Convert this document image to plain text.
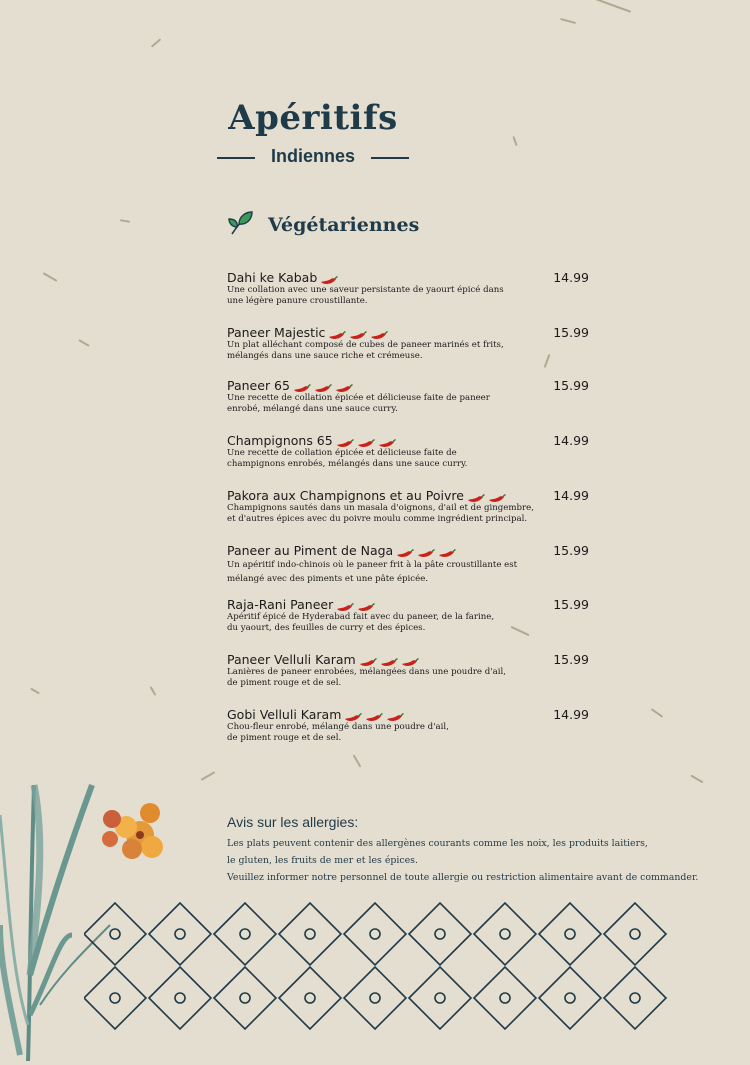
Apéritifs
Indiennes
Végétariennes
Dahi ke Kabab	14.99
Une collation avec une saveur persistante de yaourt épicé dans
une légère panure croustillante.
Paneer Majestic	15.99
Un plat alléchant composé de cubes de paneer marinés et frits,
mélangés dans une sauce riche et crémeuse.
Paneer 65	15.99
Une recette de collation épicée et délicieuse faite de paneer
enrobé, mélangé dans une sauce curry.
Champignons 65	14.99
Une recette de collation épicée et délicieuse faite de
champignons enrobés, mélangés dans une sauce curry.
Pakora aux Champignons et au Poivre	14.99
Champignons sautés dans un masala d'oignons, d'ail et de gingembre,
et d'autres épices avec du poivre moulu comme ingrédient principal.
Paneer au Piment de Naga	15.99
Un apéritif indo-chinois où le paneer frit à la pâte croustillante est
mélangé avec des piments et une pâte épicée.
Raja-Rani Paneer	15.99
Apéritif épicé de Hyderabad fait avec du paneer, de la farine,
du yaourt, des feuilles de curry et des épices.
Paneer Velluli Karam	15.99
Lanières de paneer enrobées, mélangées dans une poudre d'ail,
de piment rouge et de sel.
Gobi Velluli Karam	14.99
Chou-fleur enrobé, mélangé dans une poudre d'ail,
de piment rouge et de sel.
Avis sur les allergies:
Les plats peuvent contenir des allergènes courants comme les noix, les produits laitiers,
le gluten, les fruits de mer et les épices.
Veuillez informer notre personnel de toute allergie ou restriction alimentaire avant de commander.
